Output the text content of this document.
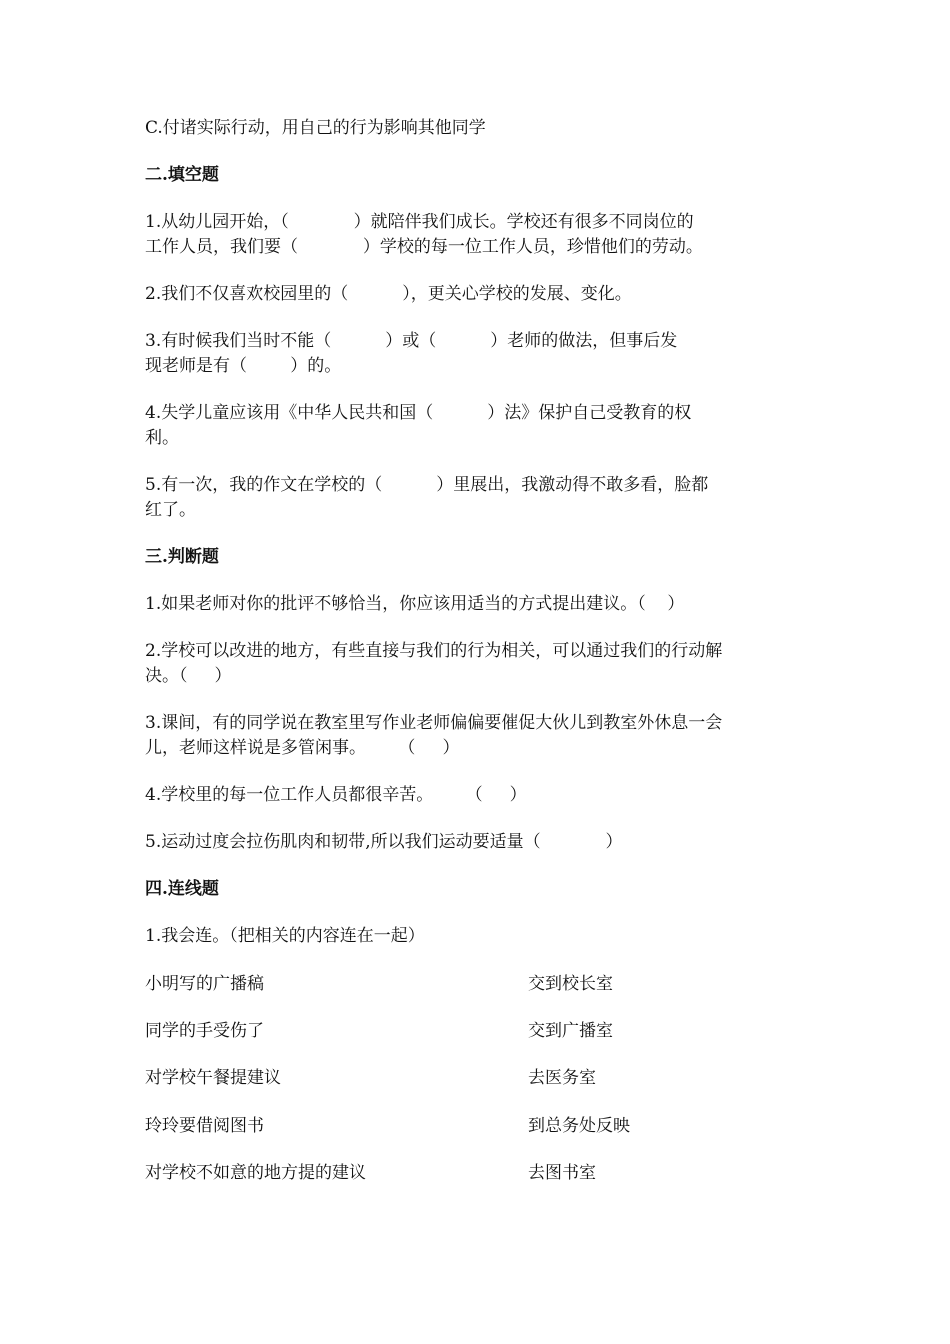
C.付诸实际行动，用自己的行为影响其他同学
二.填空题
1.从幼儿园开始，（            ）就陪伴我们成长。学校还有很多不同岗位的
工作人员，我们要（            ）学校的每一位工作人员，珍惜他们的劳动。
2.我们不仅喜欢校园里的（          ），更关心学校的发展、变化。
3.有时候我们当时不能（          ）或（          ）老师的做法，但事后发
现老师是有（        ）的。
4.失学儿童应该用《中华人民共和国（          ）法》保护自己受教育的权
利。
5.有一次，我的作文在学校的（          ）里展出，我激动得不敢多看，脸都
红了。
三.判断题
1.如果老师对你的批评不够恰当，你应该用适当的方式提出建议。（    ）
2.学校可以改进的地方，有些直接与我们的行为相关，可以通过我们的行动解
决。（     ）
3.课间，有的同学说在教室里写作业老师偏偏要催促大伙儿到教室外休息一会
儿，老师这样说是多管闲事。      （     ）
4.学校里的每一位工作人员都很辛苦。      （     ）
5.运动过度会拉伤肌肉和韧带,所以我们运动要适量（            ）
四.连线题
1.我会连。（把相关的内容连在一起）
小明写的广播稿	交到校长室
同学的手受伤了	交到广播室
对学校午餐提建议	去医务室
玲玲要借阅图书	到总务处反映
对学校不如意的地方提的建议	去图书室
